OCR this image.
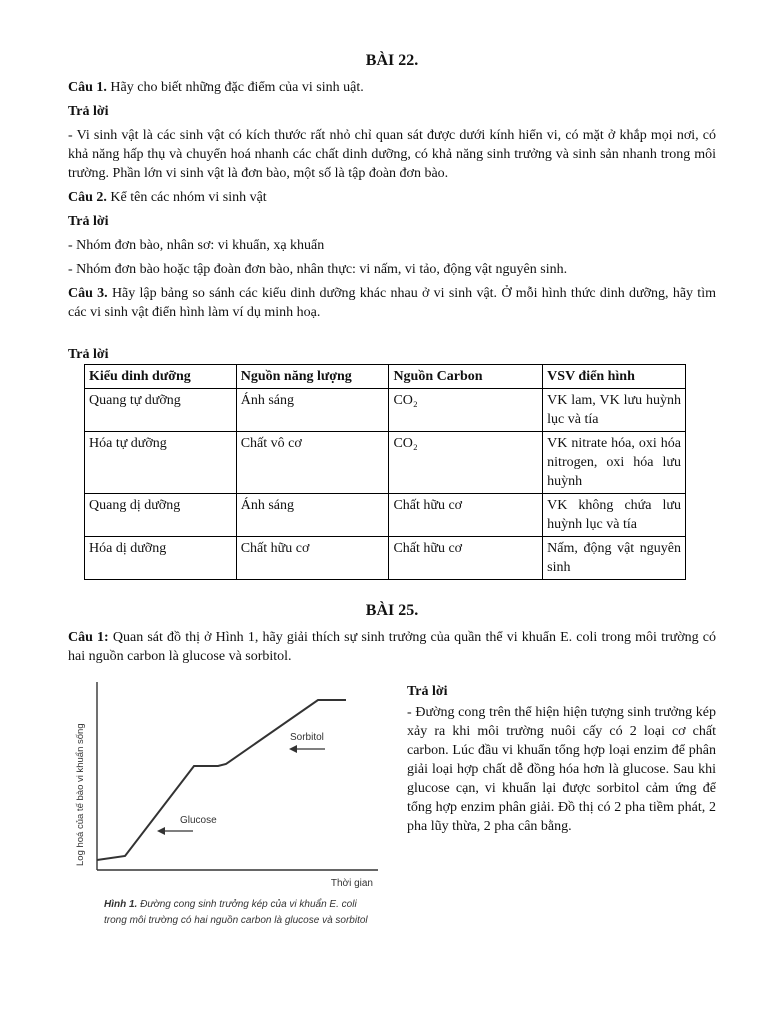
BÀI 22.

Câu 1. Hãy cho biết những đặc điểm của vi sinh uật.

Trả lời

- Vi sinh vật là các sinh vật có kích thước rất nhỏ chỉ quan sát được dưới kính hiển vi, có mặt ở khắp mọi nơi, có khả năng hấp thụ và chuyển hoá nhanh các chất dinh dưỡng, có khả năng sinh trưởng và sinh sản nhanh trong môi trường. Phần lớn vi sinh vật là đơn bào, một số là tập đoàn đơn bào.

Câu 2. Kể tên các nhóm vi sinh vật

Trả lời

- Nhóm đơn bào, nhân sơ: vi khuẩn, xạ khuẩn

- Nhóm đơn bào hoặc tập đoàn đơn bào, nhân thực: vi nấm, vi tảo, động vật nguyên sinh.

Câu 3. Hãy lập bảng so sánh các kiểu dinh dưỡng khác nhau ở vi sinh vật. Ở mỗi hình thức dinh dưỡng, hãy tìm các vi sinh vật điển hình làm ví dụ minh hoạ.

Trả lời

Kiểu dinh dưỡng	Nguồn năng lượng	Nguồn Carbon	VSV điển hình
Quang tự dưỡng	Ánh sáng	CO₂	VK lam, VK lưu huỳnh lục và tía
Hóa tự dưỡng	Chất vô cơ	CO₂	VK nitrate hóa, oxi hóa nitrogen, oxi hóa lưu huỳnh
Quang dị dưỡng	Ánh sáng	Chất hữu cơ	VK không chứa lưu huỳnh lục và tía
Hóa dị dưỡng	Chất hữu cơ	Chất hữu cơ	Nấm, động vật nguyên sinh
BÀI 25.

Câu 1: Quan sát đồ thị ở Hình 1, hãy giải thích sự sinh trưởng của quần thể vi khuẩn E. coli trong môi trường có hai nguồn carbon là glucose và sorbitol.

Log hoá của tế bào vi khuẩn sống
Thời gian
Glucose
Sorbitol
Hình 1. Đường cong sinh trưởng kép của vi khuẩn E. coli
trong môi trường có hai nguồn carbon là glucose và sorbitol

Trả lời

- Đường cong trên thể hiện hiện tượng sinh trưởng kép xảy ra khi môi trường nuôi cấy có 2 loại cơ chất carbon. Lúc đầu vi khuẩn tổng hợp loại enzim để phân giải loại hợp chất dễ đồng hóa hơn là glucose. Sau khi glucose cạn, vi khuẩn lại được sorbitol cảm ứng để tổng hợp enzim phân giải. Đồ thị có 2 pha tiềm phát, 2 pha lũy thừa, 2 pha cân bằng.
